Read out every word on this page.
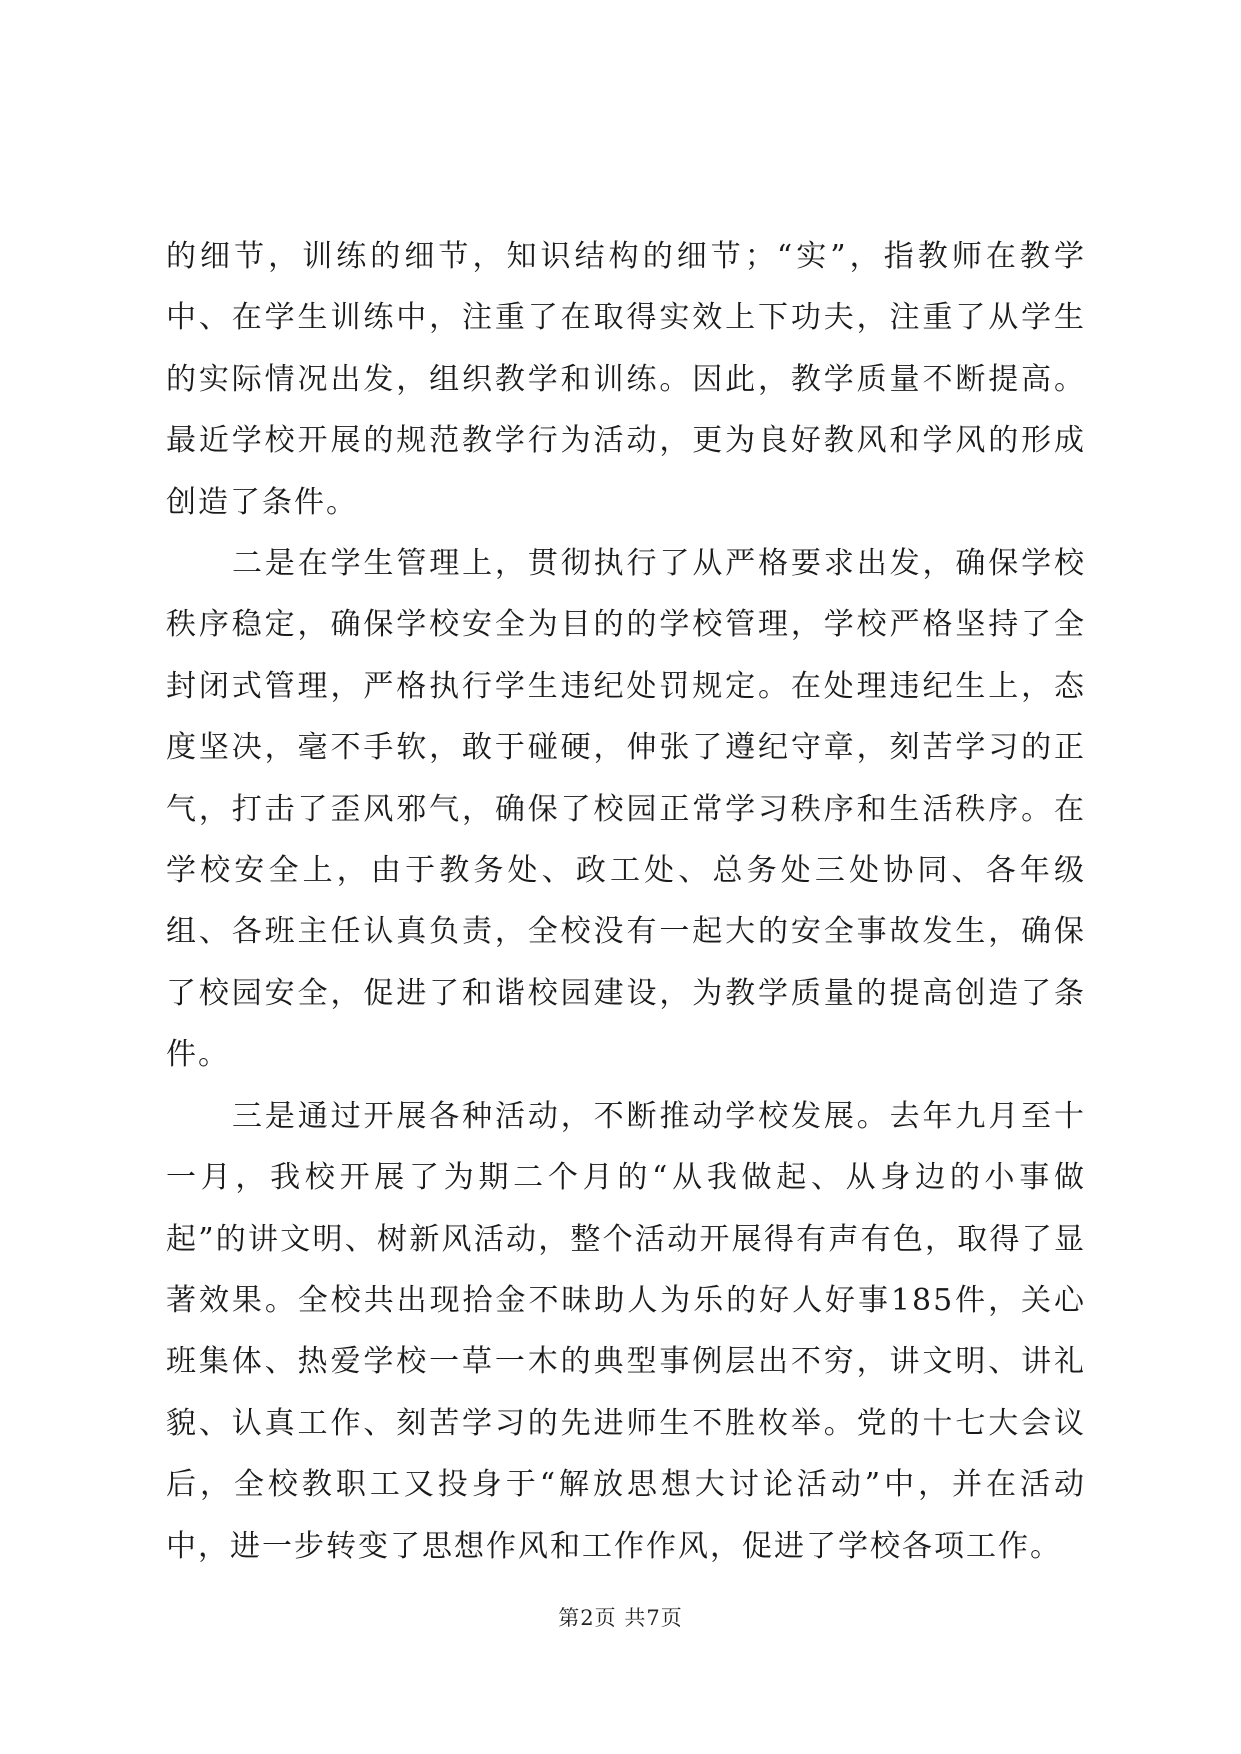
的细节，训练的细节，知识结构的细节；“实”，指教师在教学中、在学生训练中，注重了在取得实效上下功夫，注重了从学生的实际情况出发，组织教学和训练。因此，教学质量不断提高。最近学校开展的规范教学行为活动，更为良好教风和学风的形成创造了条件。

二是在学生管理上，贯彻执行了从严格要求出发，确保学校秩序稳定，确保学校安全为目的的学校管理，学校严格坚持了全封闭式管理，严格执行学生违纪处罚规定。在处理违纪生上，态度坚决，毫不手软，敢于碰硬，伸张了遵纪守章，刻苦学习的正气，打击了歪风邪气，确保了校园正常学习秩序和生活秩序。在学校安全上，由于教务处、政工处、总务处三处协同、各年级组、各班主任认真负责，全校没有一起大的安全事故发生，确保了校园安全，促进了和谐校园建设，为教学质量的提高创造了条件。

三是通过开展各种活动，不断推动学校发展。去年九月至十一月，我校开展了为期二个月的“从我做起、从身边的小事做起”的讲文明、树新风活动，整个活动开展得有声有色，取得了显著效果。全校共出现拾金不昧助人为乐的好人好事185件，关心班集体、热爱学校一草一木的典型事例层出不穷，讲文明、讲礼貌、认真工作、刻苦学习的先进师生不胜枚举。党的十七大会议后，全校教职工又投身于“解放思想大讨论活动”中，并在活动中，进一步转变了思想作风和工作作风，促进了学校各项工作。

第2页 共7页
